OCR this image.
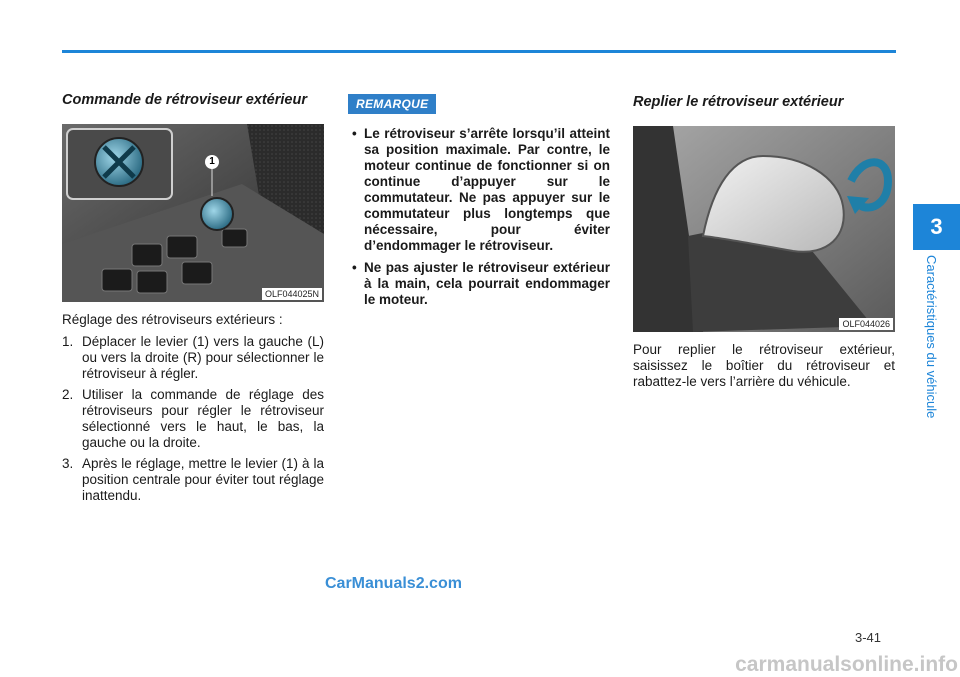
Commande de rétroviseur extérieur
1
OLF044025N

Réglage des rétroviseurs extérieurs :

1. Déplacer le levier (1) vers la gauche (L) ou vers la droite (R) pour sélectionner le rétroviseur à régler.
2. Utiliser la commande de réglage des rétroviseurs pour régler le rétroviseur sélectionné vers le haut, le bas, la gauche ou la droite.
3. Après le réglage, mettre le levier (1) à la position centrale pour éviter tout réglage inattendu.
REMARQUE
• Le rétroviseur s’arrête lorsqu’il atteint sa position maximale. Par contre, le moteur continue de fonctionner si on continue d’appuyer sur le commutateur. Ne pas appuyer sur le commutateur plus longtemps que nécessaire, pour éviter d’endommager le rétroviseur.
• Ne pas ajuster le rétroviseur extérieur à la main, cela pourrait endommager le moteur.
Replier le rétroviseur extérieur
OLF044026

Pour replier le rétroviseur extérieur, saisissez le boîtier du rétroviseur et rabattez-le vers l’arrière du véhicule.

3
Caractéristiques du véhicule
3-41
CarManuals2.com
carmanualsonline.info
